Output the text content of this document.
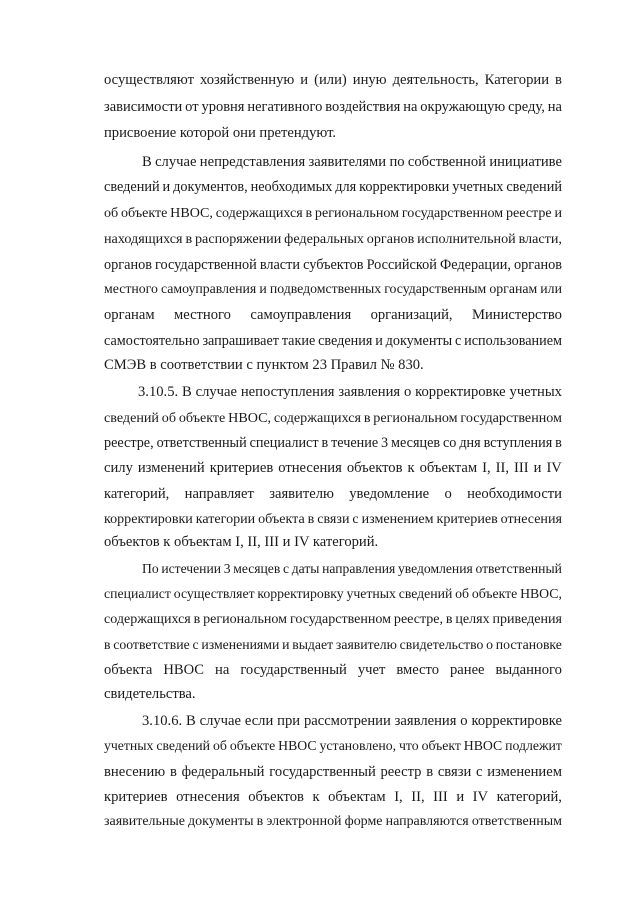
осуществляют хозяйственную и (или) иную деятельность, Категории в
зависимости от уровня негативного воздействия на окружающую среду, на
присвоение которой они претендуют.
В случае непредставления заявителями по собственной инициативе
сведений и документов, необходимых для корректировки учетных сведений
об объекте НВОС, содержащихся в региональном государственном реестре и
находящихся в распоряжении федеральных органов исполнительной власти,
органов государственной власти субъектов Российской Федерации, органов
местного самоуправления и подведомственных государственным органам или
органам местного самоуправления организаций, Министерство
самостоятельно запрашивает такие сведения и документы с использованием
СМЭВ в соответствии с пунктом 23 Правил № 830.
3.10.5. В случае непоступления заявления о корректировке учетных
сведений об объекте НВОС, содержащихся в региональном государственном
реестре, ответственный специалист в течение 3 месяцев со дня вступления в
силу изменений критериев отнесения объектов к объектам I, II, III и IV
категорий, направляет заявителю уведомление о необходимости
корректировки категории объекта в связи с изменением критериев отнесения
объектов к объектам I, II, III и IV категорий.
По истечении 3 месяцев с даты направления уведомления ответственный
специалист осуществляет корректировку учетных сведений об объекте НВОС,
содержащихся в региональном государственном реестре, в целях приведения
в соответствие с изменениями и выдает заявителю свидетельство о постановке
объекта НВОС на государственный учет вместо ранее выданного
свидетельства.
3.10.6. В случае если при рассмотрении заявления о корректировке
учетных сведений об объекте НВОС установлено, что объект НВОС подлежит
внесению в федеральный государственный реестр в связи с изменением
критериев отнесения объектов к объектам I, II, III и IV категорий,
заявительные документы в электронной форме направляются ответственным
